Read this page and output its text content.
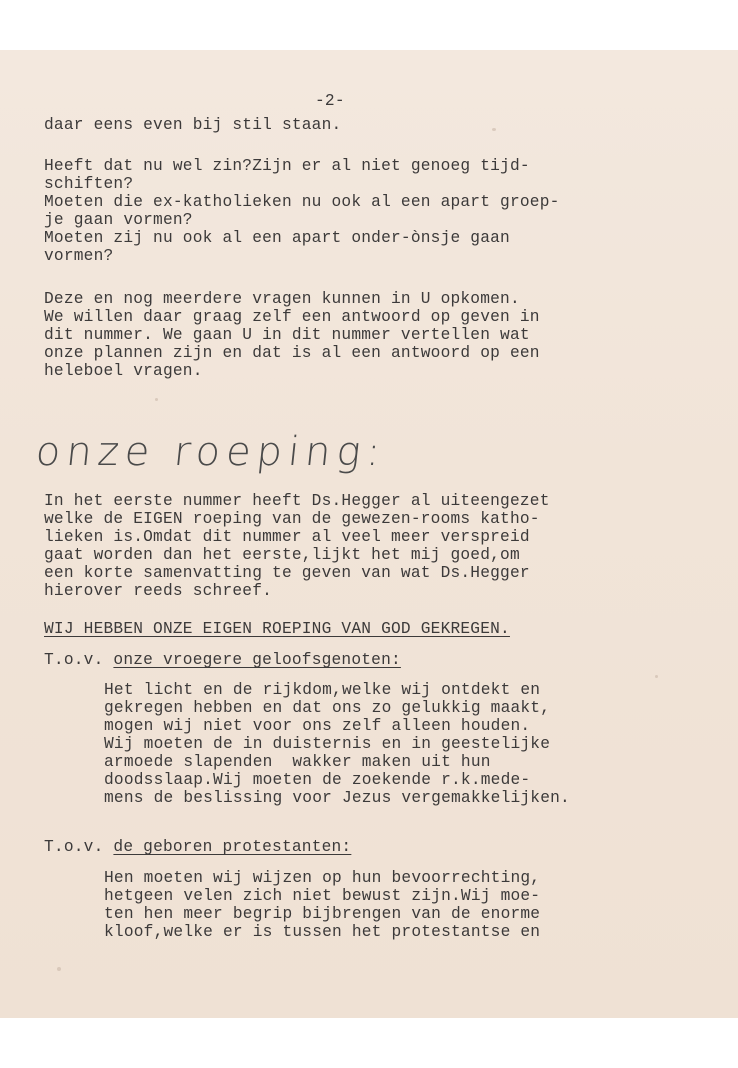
-2-

daar eens even bij stil staan.

Heeft dat nu wel zin?Zijn er al niet genoeg tijd-

schiften?

Moeten die ex-katholieken nu ook al een apart groep-

je gaan vormen?

Moeten zij nu ook al een apart onder-ònsje gaan

vormen?

Deze en nog meerdere vragen kunnen in U opkomen.

We willen daar graag zelf een antwoord op geven in

dit nummer. We gaan U in dit nummer vertellen wat

onze plannen zijn en dat is al een antwoord op een

heleboel vragen.

onze roeping:

In het eerste nummer heeft Ds.Hegger al uiteengezet

welke de EIGEN roeping van de gewezen-rooms katho-

lieken is.Omdat dit nummer al veel meer verspreid

gaat worden dan het eerste,lijkt het mij goed,om

een korte samenvatting te geven van wat Ds.Hegger

hierover reeds schreef.

WIJ HEBBEN ONZE EIGEN ROEPING VAN GOD GEKREGEN.

T.o.v. onze vroegere geloofsgenoten:

Het licht en de rijkdom,welke wij ontdekt en

gekregen hebben en dat ons zo gelukkig maakt,

mogen wij niet voor ons zelf alleen houden.

Wij moeten de in duisternis en in geestelijke

armoede slapenden  wakker maken uit hun

doodsslaap.Wij moeten de zoekende r.k.mede-

mens de beslissing voor Jezus vergemakkelijken.

T.o.v. de geboren protestanten:

Hen moeten wij wijzen op hun bevoorrechting,

hetgeen velen zich niet bewust zijn.Wij moe-

ten hen meer begrip bijbrengen van de enorme

kloof,welke er is tussen het protestantse en
